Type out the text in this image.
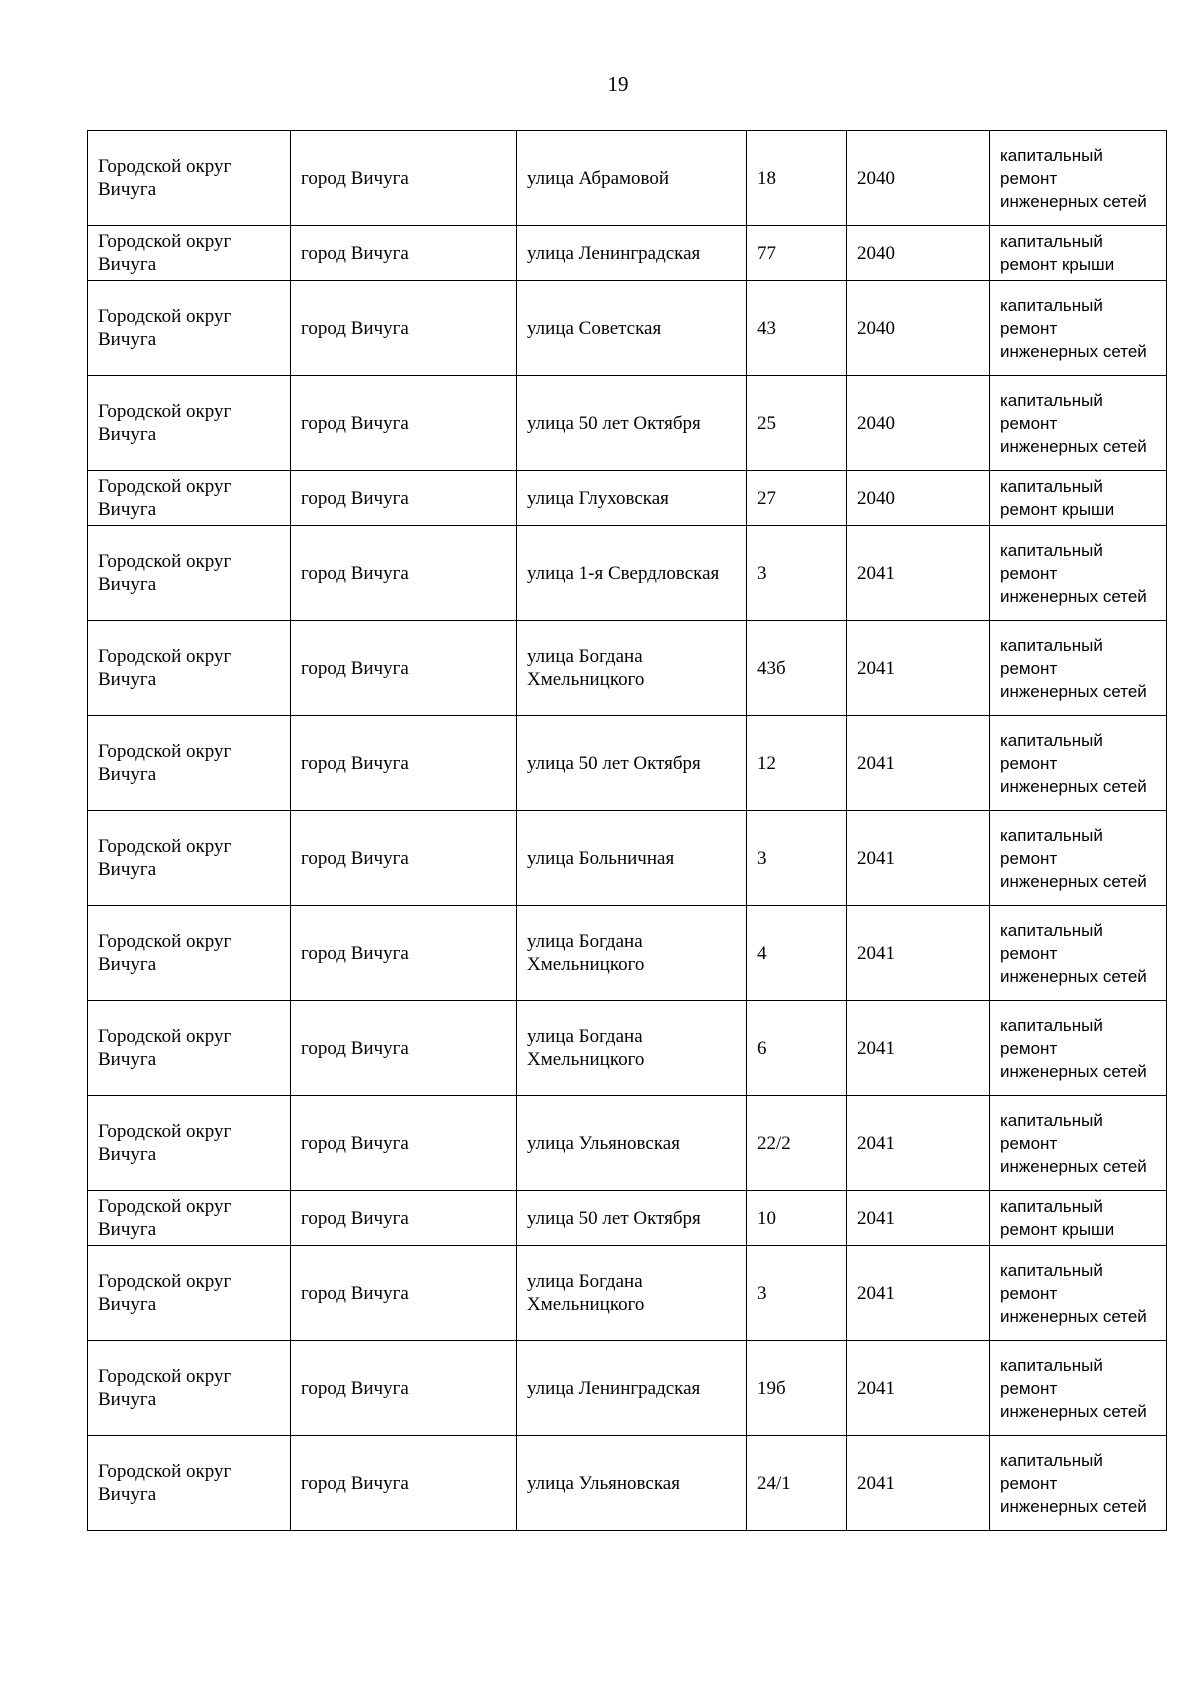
19
Городской округ Вичуга	город Вичуга	улица Абрамовой	18	2040	капитальный ремонт инженерных сетей
Городской округ Вичуга	город Вичуга	улица Ленинградская	77	2040	капитальный ремонт крыши
Городской округ Вичуга	город Вичуга	улица Советская	43	2040	капитальный ремонт инженерных сетей
Городской округ Вичуга	город Вичуга	улица 50 лет Октября	25	2040	капитальный ремонт инженерных сетей
Городской округ Вичуга	город Вичуга	улица Глуховская	27	2040	капитальный ремонт крыши
Городской округ Вичуга	город Вичуга	улица 1-я Свердловская	3	2041	капитальный ремонт инженерных сетей
Городской округ Вичуга	город Вичуга	улица Богдана Хмельницкого	43б	2041	капитальный ремонт инженерных сетей
Городской округ Вичуга	город Вичуга	улица 50 лет Октября	12	2041	капитальный ремонт инженерных сетей
Городской округ Вичуга	город Вичуга	улица Больничная	3	2041	капитальный ремонт инженерных сетей
Городской округ Вичуга	город Вичуга	улица Богдана Хмельницкого	4	2041	капитальный ремонт инженерных сетей
Городской округ Вичуга	город Вичуга	улица Богдана Хмельницкого	6	2041	капитальный ремонт инженерных сетей
Городской округ Вичуга	город Вичуга	улица Ульяновская	22/2	2041	капитальный ремонт инженерных сетей
Городской округ Вичуга	город Вичуга	улица 50 лет Октября	10	2041	капитальный ремонт крыши
Городской округ Вичуга	город Вичуга	улица Богдана Хмельницкого	3	2041	капитальный ремонт инженерных сетей
Городской округ Вичуга	город Вичуга	улица Ленинградская	19б	2041	капитальный ремонт инженерных сетей
Городской округ Вичуга	город Вичуга	улица Ульяновская	24/1	2041	капитальный ремонт инженерных сетей
